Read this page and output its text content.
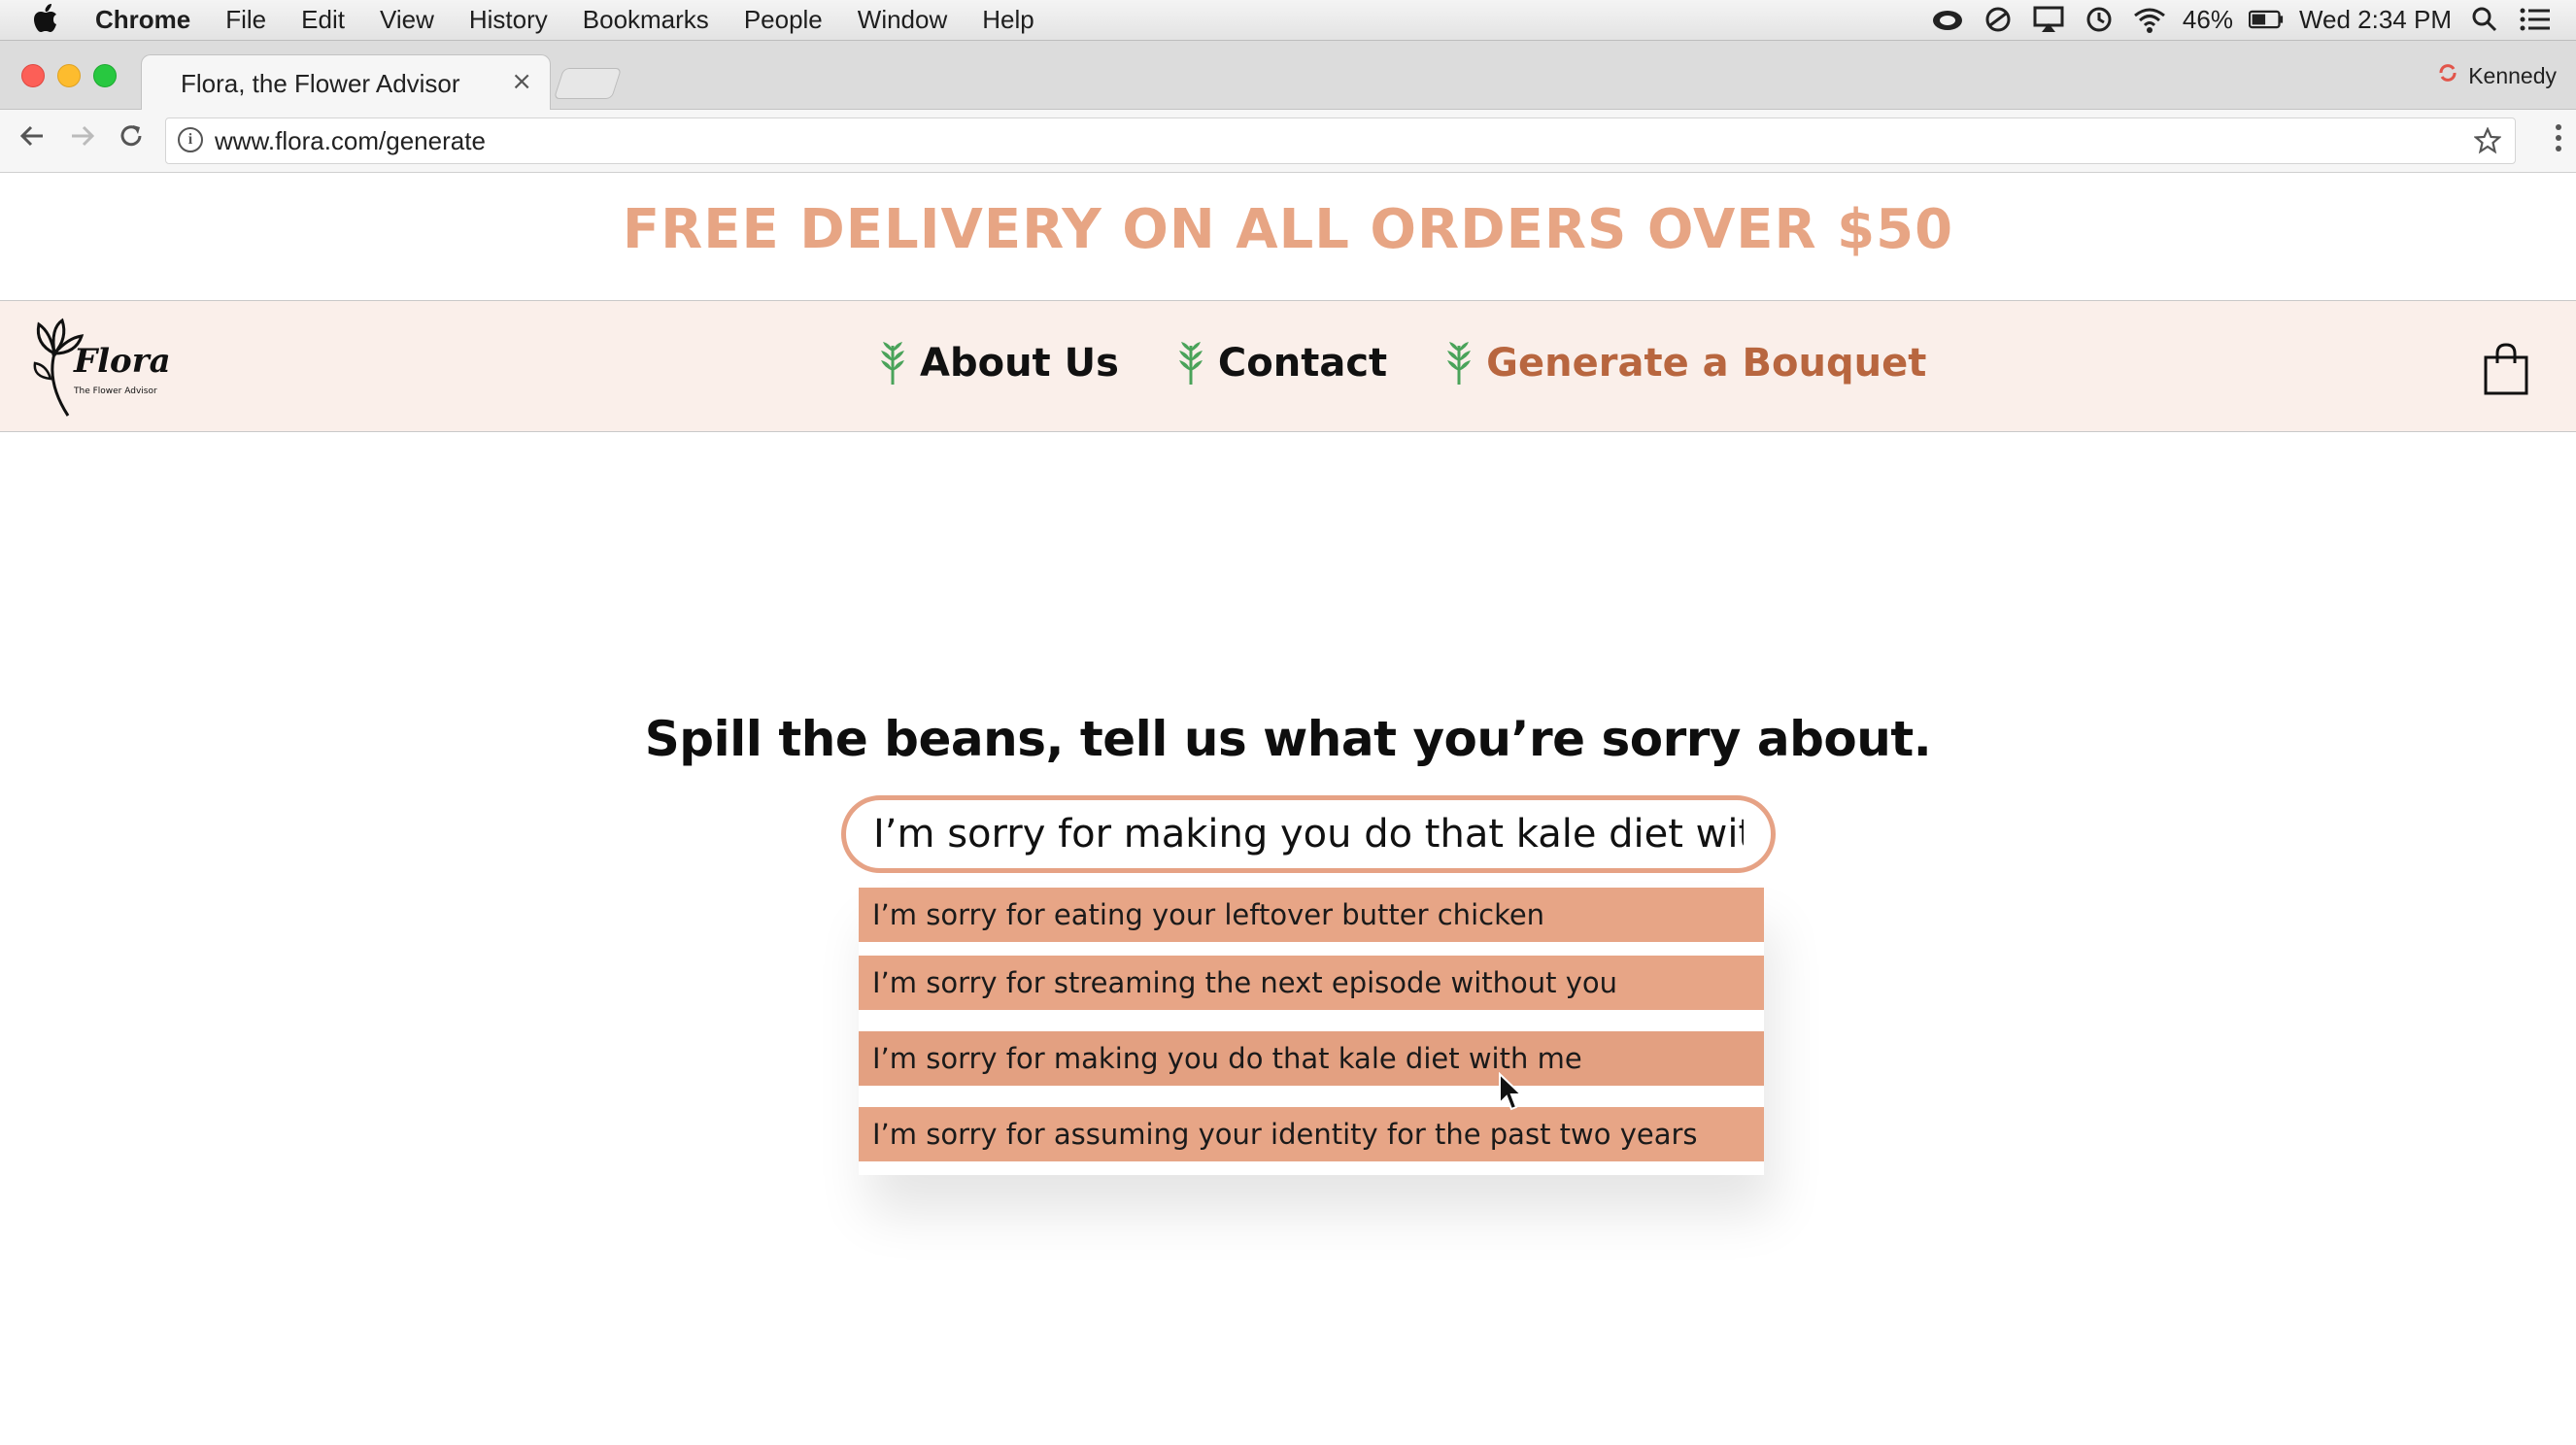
Chrome File Edit View History Bookmarks People Window Help	46%	Wed 2:34 PM
Flora, the Flower Advisor ×	Kennedy
i www.flora.com/generate
FREE DELIVERY ON ALL ORDERS OVER $50
Flora
The Flower Advisor
About Us	Contact	Generate a Bouquet
Spill the beans, tell us what you’re sorry about.
I’m sorry for making you do that kale diet with me
I’m sorry for eating your leftover butter chicken
I’m sorry for streaming the next episode without you
I’m sorry for making you do that kale diet with me
I’m sorry for assuming your identity for the past two years
